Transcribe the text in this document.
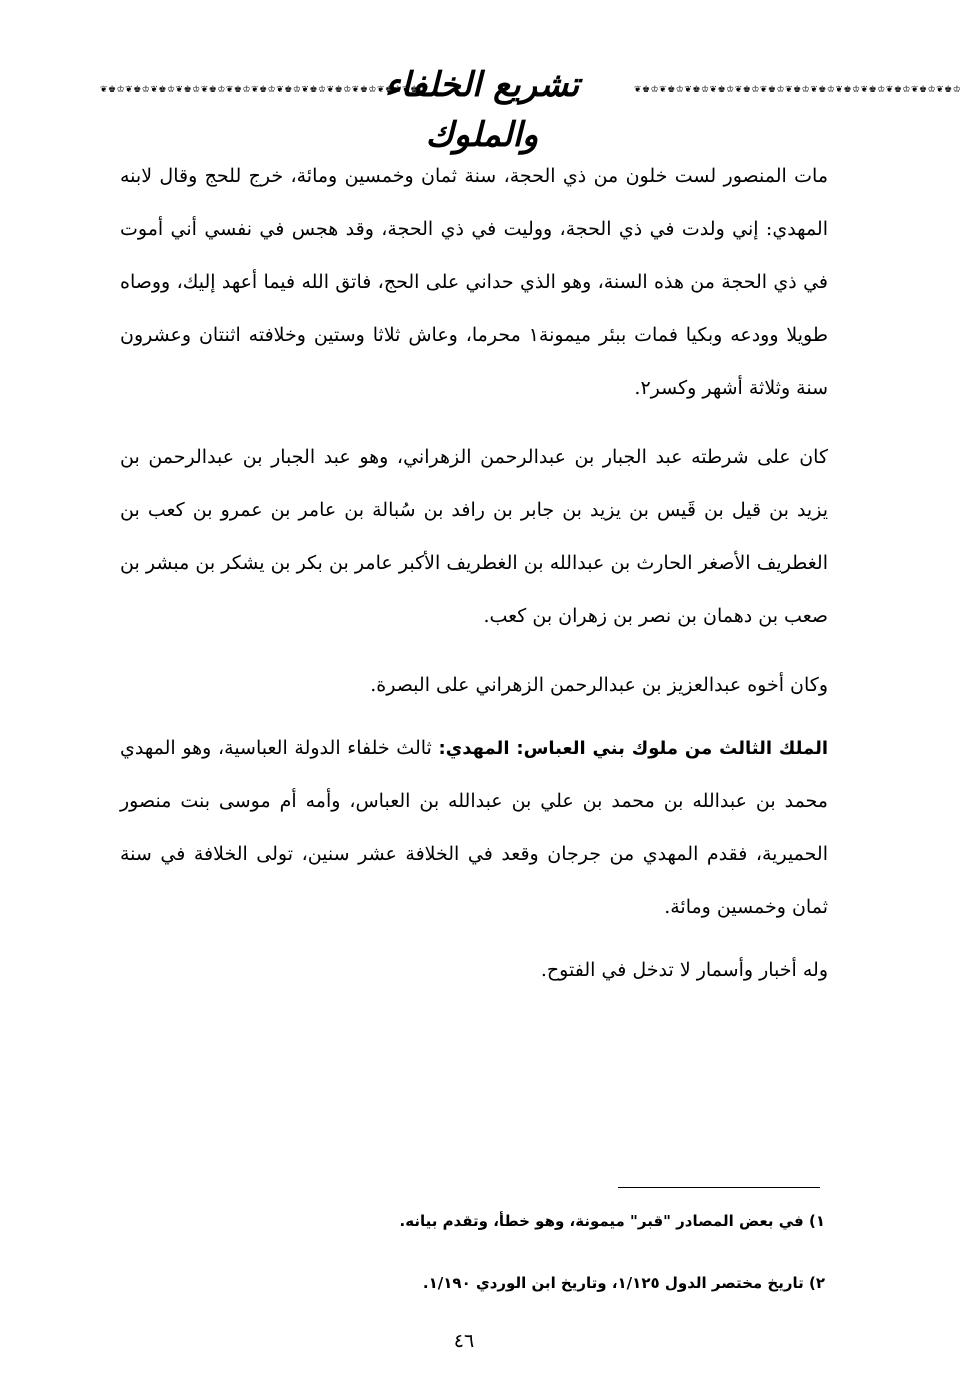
❦♚♔❦♚♔❦♚♔❦♚♔❦♚♔❦♚♔❦♚♔❦♚♔❦♚♔❦♚♔❦♚♔❦♚♔❦♚♔
تشريع الخلفاء والملوك
❦♚♔❦♚♔❦♚♔❦♚♔❦♚♔❦♚♔❦♚♔❦♚♔❦♚♔❦♚♔❦♚♔❦♚♔❦♚♔

مات المنصور لست خلون من ذي الحجة، سنة ثمان وخمسين ومائة، خرج للحج وقال لابنه المهدي: إني ولدت في ذي الحجة، ووليت في ذي الحجة، وقد هجس في نفسي أني أموت في ذي الحجة من هذه السنة، وهو الذي حداني على الحج، فاتق الله فيما أعهد إليك، ووصاه طويلا وودعه وبكيا فمات ببئر ميمونة١ محرما، وعاش ثلاثا وستين وخلافته اثنتان وعشرون سنة وثلاثة أشهر وكسر٢.

كان على شرطته عبد الجبار بن عبدالرحمن الزهراني، وهو عبد الجبار بن عبدالرحمن بن يزيد بن قيل بن قَيس بن يزيد بن جابر بن رافد بن سُبالة بن عامر بن عمرو بن كعب بن الغطريف الأصغر الحارث بن عبدالله بن الغطريف الأكبر عامر بن بكر بن يشكر بن مبشر بن صعب بن دهمان بن نصر بن زهران بن كعب.

وكان أخوه عبدالعزيز بن عبدالرحمن الزهراني على البصرة.

الملك الثالث من ملوك بني العباس: المهدي: ثالث خلفاء الدولة العباسية، وهو المهدي محمد بن عبدالله بن محمد بن علي بن عبدالله بن العباس، وأمه أم موسى بنت منصور الحميرية، فقدم المهدي من جرجان وقعد في الخلافة عشر سنين، تولى الخلافة في سنة ثمان وخمسين ومائة.

وله أخبار وأسمار لا تدخل في الفتوح.

١) في بعض المصادر "قبر" ميمونة، وهو خطأ، وتقدم بيانه.

٢) تاريخ مختصر الدول ١/١٢٥، وتاريخ ابن الوردي ١/١٩٠.

٤٦
